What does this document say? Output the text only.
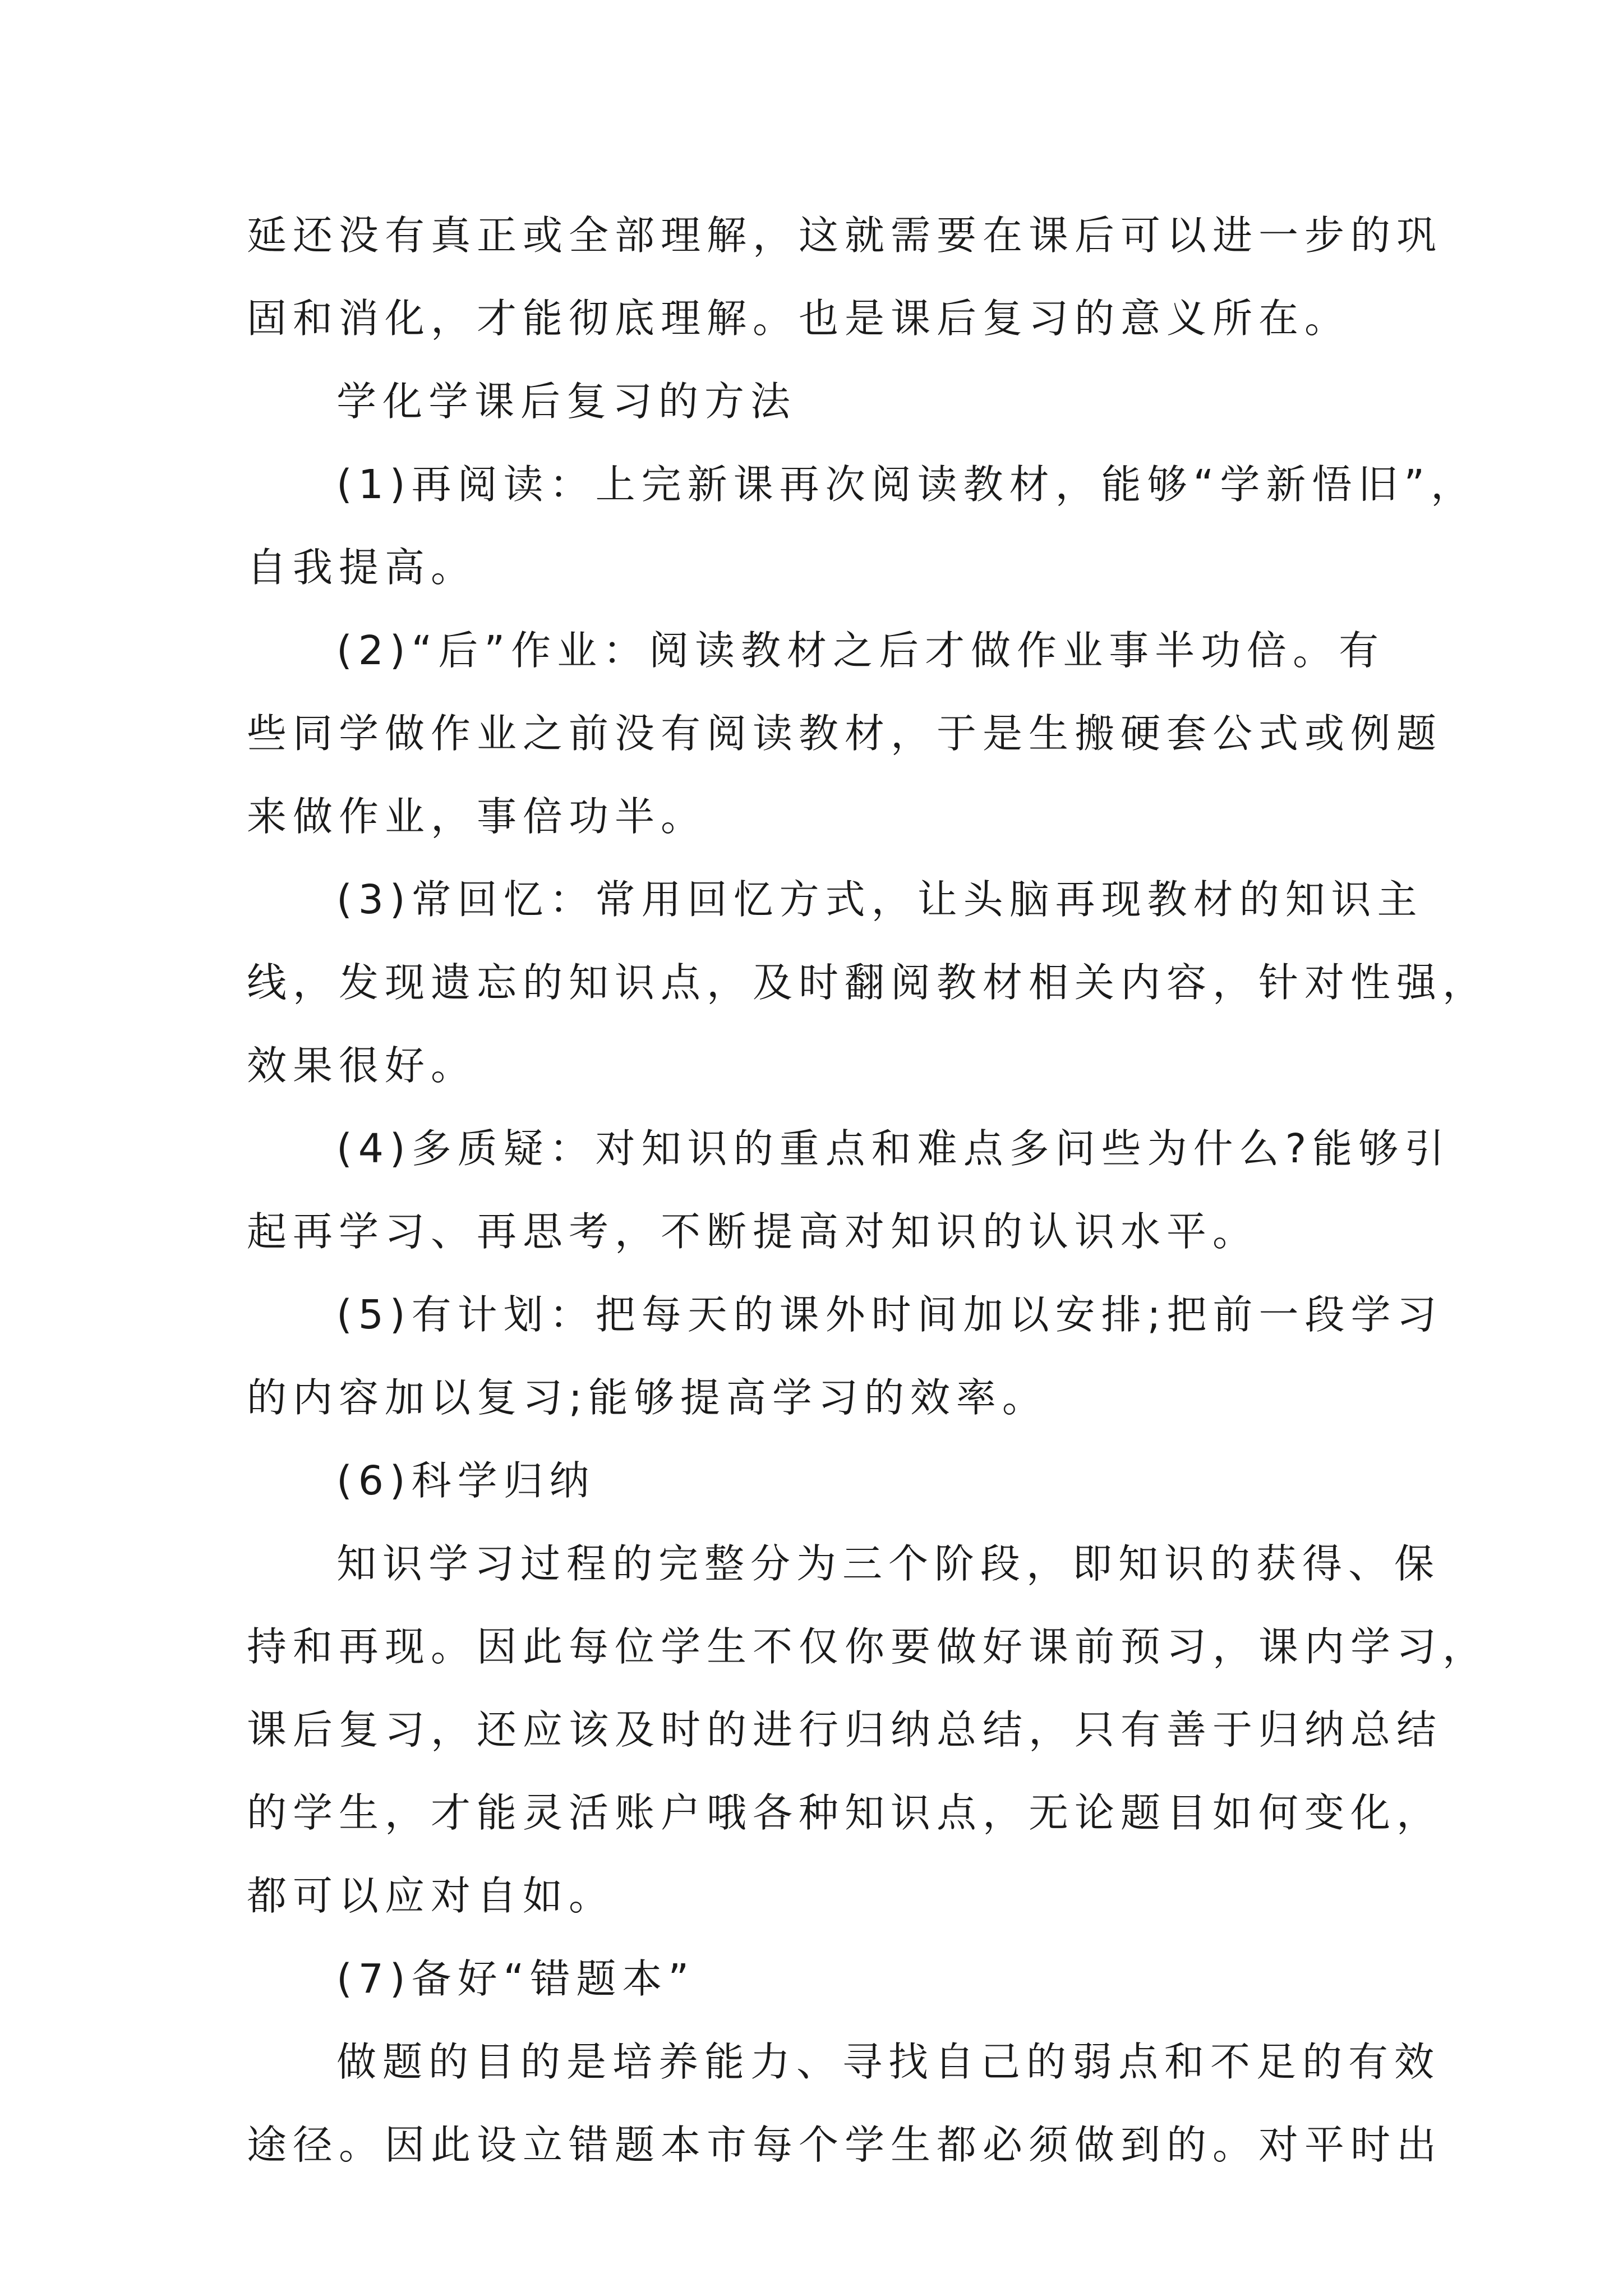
延还没有真正或全部理解，这就需要在课后可以进一步的巩
固和消化，才能彻底理解。也是课后复习的意义所在。
学化学课后复习的方法
(1)再阅读：上完新课再次阅读教材，能够“学新悟旧”，
自我提高。
(2)“后”作业：阅读教材之后才做作业事半功倍。有
些同学做作业之前没有阅读教材，于是生搬硬套公式或例题
来做作业，事倍功半。
(3)常回忆：常用回忆方式，让头脑再现教材的知识主
线，发现遗忘的知识点，及时翻阅教材相关内容，针对性强，
效果很好。
(4)多质疑：对知识的重点和难点多问些为什么?能够引
起再学习、再思考，不断提高对知识的认识水平。
(5)有计划：把每天的课外时间加以安排;把前一段学习
的内容加以复习;能够提高学习的效率。
(6)科学归纳
知识学习过程的完整分为三个阶段，即知识的获得、保
持和再现。因此每位学生不仅你要做好课前预习，课内学习，
课后复习，还应该及时的进行归纳总结，只有善于归纳总结
的学生，才能灵活账户哦各种知识点，无论题目如何变化，
都可以应对自如。
(7)备好“错题本”
做题的目的是培养能力、寻找自己的弱点和不足的有效
途径。因此设立错题本市每个学生都必须做到的。对平时出
